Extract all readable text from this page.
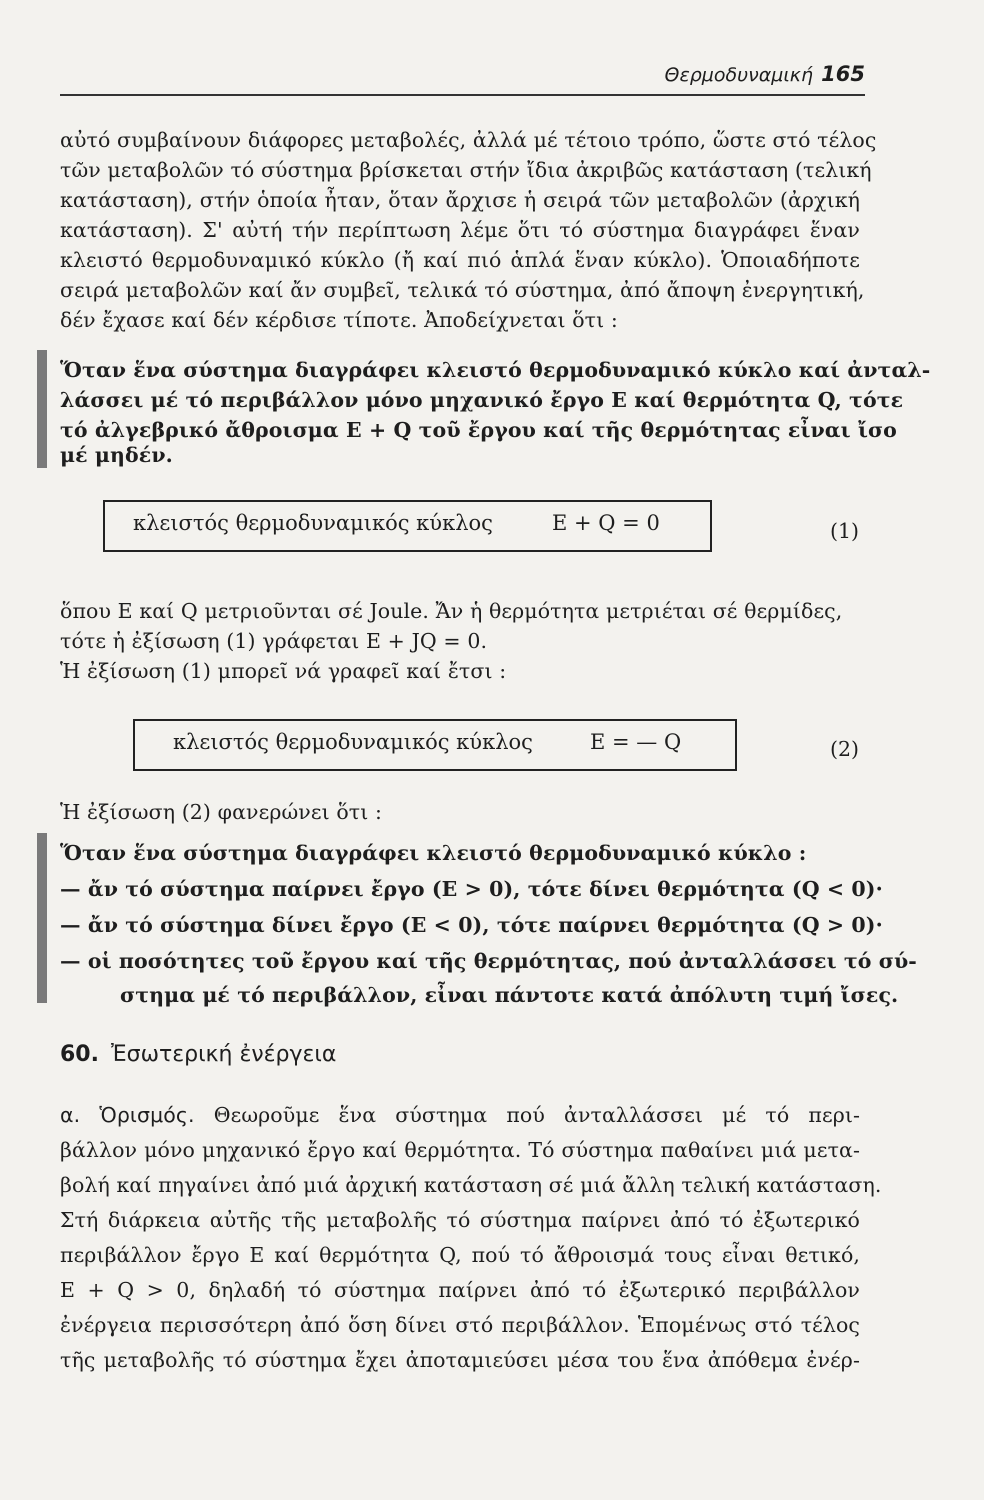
Θερμοδυναμική 165
αὐτό συμβαίνουν διάφορες μεταβολές, ἀλλά μέ τέτοιο τρόπο, ὥστε στό τέλος
τῶν μεταβολῶν τό σύστημα βρίσκεται στήν ἴδια ἀκριβῶς κατάσταση (τελική
κατάσταση), στήν ὁποία ἦταν, ὅταν ἄρχισε ἡ σειρά τῶν μεταβολῶν (ἀρχική
κατάσταση). Σ' αὐτή τήν περίπτωση λέμε ὅτι τό σύστημα διαγράφει ἕναν
κλειστό θερμοδυναμικό κύκλο (ἤ καί πιό ἁπλά ἕναν κύκλο). Ὁποιαδήποτε
σειρά μεταβολῶν καί ἄν συμβεῖ, τελικά τό σύστημα, ἀπό ἄποψη ἐνεργητική,
δέν ἔχασε καί δέν κέρδισε τίποτε. Ἀποδείχνεται ὅτι :
Ὅταν ἕνα σύστημα διαγράφει κλειστό θερμοδυναμικό κύκλο καί ἀνταλ-
λάσσει μέ τό περιβάλλον μόνο μηχανικό ἔργο E καί θερμότητα Q, τότε
τό ἀλγεβρικό ἄθροισμα E + Q τοῦ ἔργου καί τῆς θερμότητας εἶναι ἴσο
μέ μηδέν.
κλειστός θερμοδυναμικός κύκλος	E + Q = 0	(1)
ὅπου E καί Q μετριοῦνται σέ Joule. Ἄν ἡ θερμότητα μετριέται σέ θερμίδες,
τότε ἡ ἐξίσωση (1) γράφεται E + JQ = 0.
Ἡ ἐξίσωση (1) μπορεῖ νά γραφεῖ καί ἔτσι :
κλειστός θερμοδυναμικός κύκλος	E = — Q	(2)
Ἡ ἐξίσωση (2) φανερώνει ὅτι :
Ὅταν ἕνα σύστημα διαγράφει κλειστό θερμοδυναμικό κύκλο :
— ἄν τό σύστημα παίρνει ἔργο (E > 0), τότε δίνει θερμότητα (Q < 0)·
— ἄν τό σύστημα δίνει ἔργο (E < 0), τότε παίρνει θερμότητα (Q > 0)·
— οἱ ποσότητες τοῦ ἔργου καί τῆς θερμότητας, πού ἀνταλλάσσει τό σύ-
στημα μέ τό περιβάλλον, εἶναι πάντοτε κατά ἀπόλυτη τιμή ἴσες.
60. Ἐσωτερική ἐνέργεια
α. Ὁρισμός. Θεωροῦμε ἕνα σύστημα πού ἀνταλλάσσει μέ τό περι-
βάλλον μόνο μηχανικό ἔργο καί θερμότητα. Τό σύστημα παθαίνει μιά μετα-
βολή καί πηγαίνει ἀπό μιά ἀρχική κατάσταση σέ μιά ἄλλη τελική κατάσταση.
Στή διάρκεια αὐτῆς τῆς μεταβολῆς τό σύστημα παίρνει ἀπό τό ἐξωτερικό
περιβάλλον ἔργο E καί θερμότητα Q, πού τό ἄθροισμά τους εἶναι θετικό,
E + Q > 0, δηλαδή τό σύστημα παίρνει ἀπό τό ἐξωτερικό περιβάλλον
ἐνέργεια περισσότερη ἀπό ὅση δίνει στό περιβάλλον. Ἑπομένως στό τέλος
τῆς μεταβολῆς τό σύστημα ἔχει ἀποταμιεύσει μέσα του ἕνα ἀπόθεμα ἐνέρ-
